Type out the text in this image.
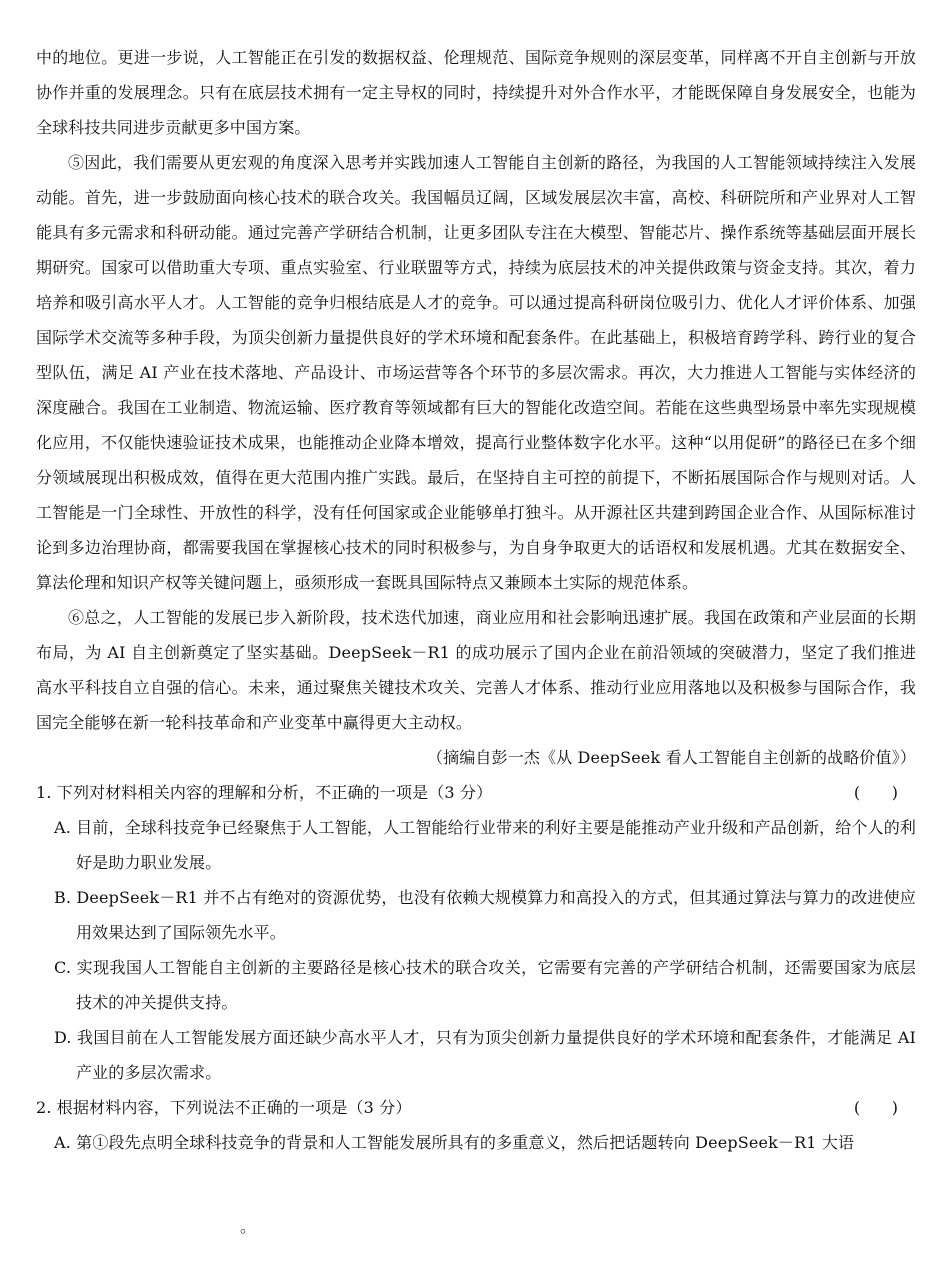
中的地位。更进一步说，人工智能正在引发的数据权益、伦理规范、国际竞争规则的深层变革，同样离不开自主创新与开放协作并重的发展理念。只有在底层技术拥有一定主导权的同时，持续提升对外合作水平，才能既保障自身发展安全，也能为全球科技共同进步贡献更多中国方案。

⑤因此，我们需要从更宏观的角度深入思考并实践加速人工智能自主创新的路径，为我国的人工智能领域持续注入发展动能。首先，进一步鼓励面向核心技术的联合攻关。我国幅员辽阔，区域发展层次丰富，高校、科研院所和产业界对人工智能具有多元需求和科研动能。通过完善产学研结合机制，让更多团队专注在大模型、智能芯片、操作系统等基础层面开展长期研究。国家可以借助重大专项、重点实验室、行业联盟等方式，持续为底层技术的冲关提供政策与资金支持。其次，着力培养和吸引高水平人才。人工智能的竞争归根结底是人才的竞争。可以通过提高科研岗位吸引力、优化人才评价体系、加强国际学术交流等多种手段，为顶尖创新力量提供良好的学术环境和配套条件。在此基础上，积极培育跨学科、跨行业的复合型队伍，满足 AI 产业在技术落地、产品设计、市场运营等各个环节的多层次需求。再次，大力推进人工智能与实体经济的深度融合。我国在工业制造、物流运输、医疗教育等领域都有巨大的智能化改造空间。若能在这些典型场景中率先实现规模化应用，不仅能快速验证技术成果，也能推动企业降本增效，提高行业整体数字化水平。这种“以用促研”的路径已在多个细分领域展现出积极成效，值得在更大范围内推广实践。最后，在坚持自主可控的前提下，不断拓展国际合作与规则对话。人工智能是一门全球性、开放性的科学，没有任何国家或企业能够单打独斗。从开源社区共建到跨国企业合作、从国际标准讨论到多边治理协商，都需要我国在掌握核心技术的同时积极参与，为自身争取更大的话语权和发展机遇。尤其在数据安全、算法伦理和知识产权等关键问题上，亟须形成一套既具国际特点又兼顾本土实际的规范体系。

⑥总之，人工智能的发展已步入新阶段，技术迭代加速，商业应用和社会影响迅速扩展。我国在政策和产业层面的长期布局，为 AI 自主创新奠定了坚实基础。DeepSeek－R1 的成功展示了国内企业在前沿领域的突破潜力，坚定了我们推进高水平科技自立自强的信心。未来，通过聚焦关键技术攻关、完善人才体系、推动行业应用落地以及积极参与国际合作，我国完全能够在新一轮科技革命和产业变革中赢得更大主动权。

（摘编自彭一杰《从 DeepSeek 看人工智能自主创新的战略价值》）

1. 下列对材料相关内容的理解和分析，不正确的一项是（3 分）	(      )

A. 目前，全球科技竞争已经聚焦于人工智能，人工智能给行业带来的利好主要是能推动产业升级和产品创新，给个人的利好是助力职业发展。

B. DeepSeek－R1 并不占有绝对的资源优势，也没有依赖大规模算力和高投入的方式，但其通过算法与算力的改进使应用效果达到了国际领先水平。

C. 实现我国人工智能自主创新的主要路径是核心技术的联合攻关，它需要有完善的产学研结合机制，还需要国家为底层技术的冲关提供支持。

D. 我国目前在人工智能发展方面还缺少高水平人才，只有为顶尖创新力量提供良好的学术环境和配套条件，才能满足 AI 产业的多层次需求。

2. 根据材料内容，下列说法不正确的一项是（3 分）	(      )

A. 第①段先点明全球科技竞争的背景和人工智能发展所具有的多重意义，然后把话题转向 DeepSeek－R1 大语

。
